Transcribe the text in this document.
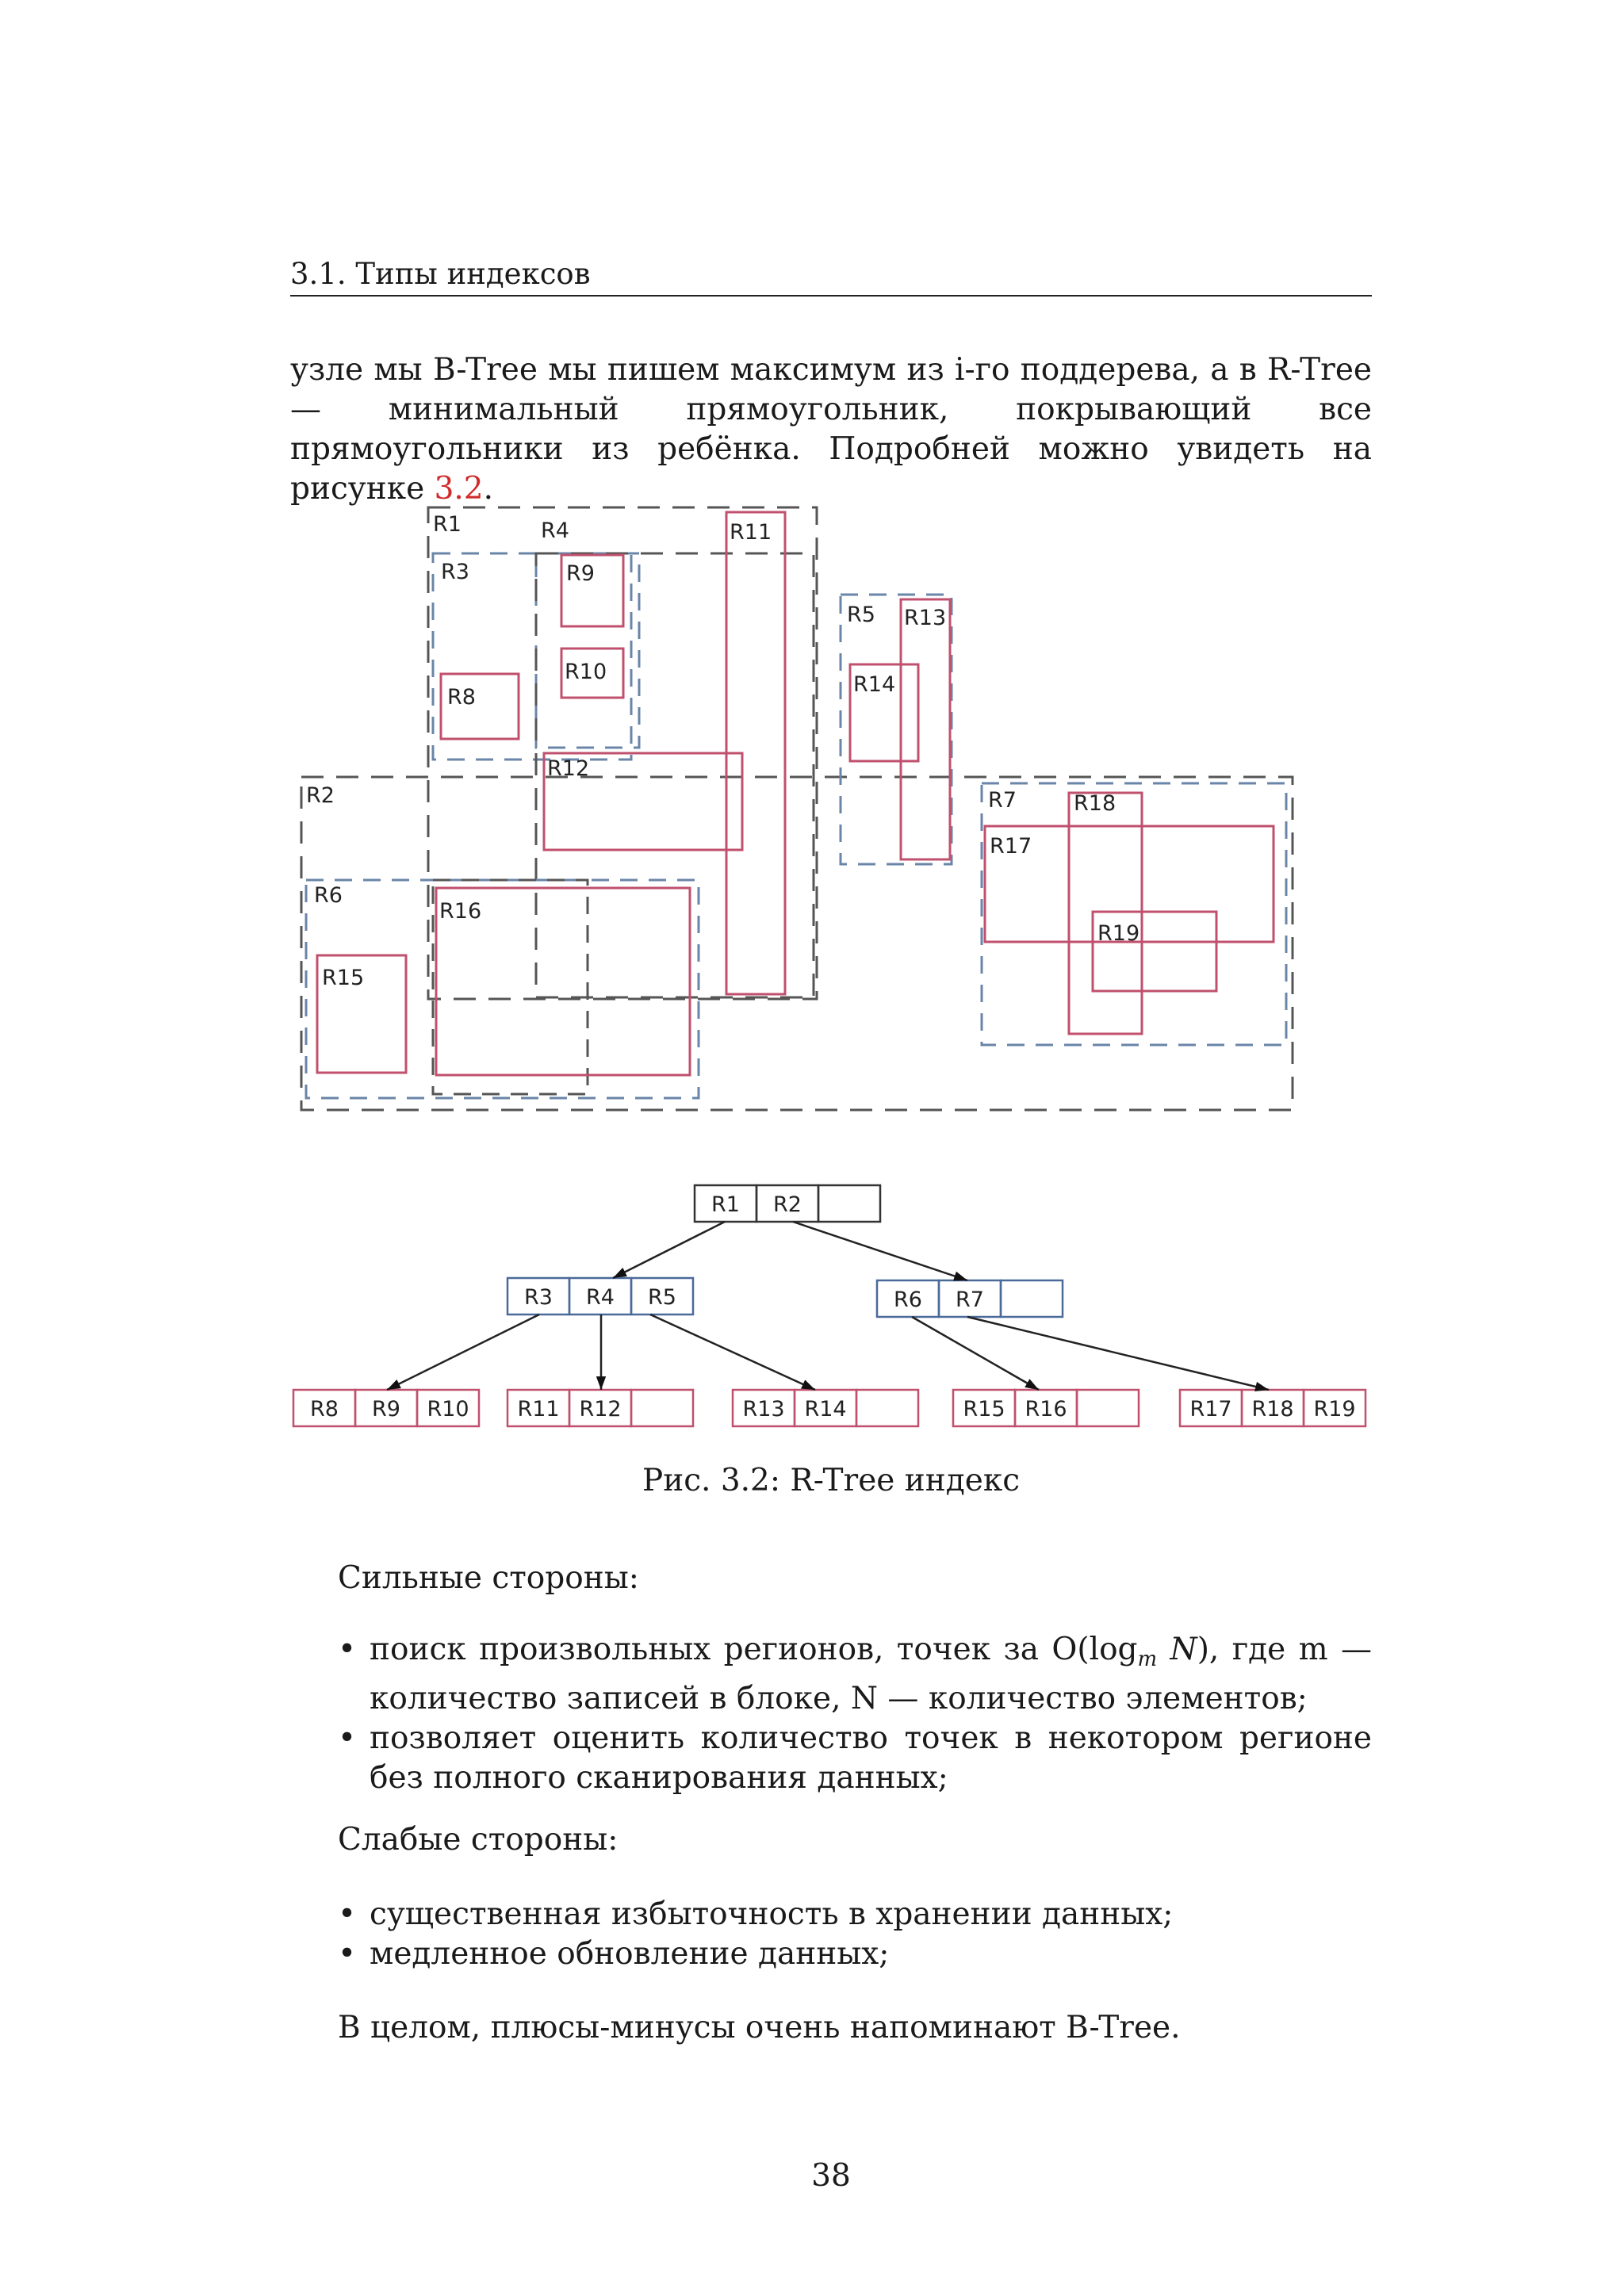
3.1. Типы индексов
узле мы B-Tree мы пишем максимум из i-го поддерева, а в R-Tree — минимальный прямоугольник, покрывающий все прямоугольники из ребёнка. Подробней можно увидеть на рисунке 3.2.
R1
R2
R3
R4
R5
R6
R7
R8
R9
R10
R11
R12
R13
R14
R15
R16
R17
R18
R19
R1 R2
R3 R4 R5	R6 R7
R8 R9 R10 R11 R12	R13 R14	R15 R16	R17 R18 R19
Рис. 3.2: R-Tree индекс
Сильные стороны:
• поиск произвольных регионов, точек за $O(\log_m$ N), где m — количество записей в блоке, N — количество элементов;
• позволяет оценить количество точек в некотором регионе без полного сканирования данных;
Слабые стороны:
• существенная избыточность в хранении данных;
• медленное обновление данных;
В целом, плюсы-минусы очень напоминают B-Tree.
38
